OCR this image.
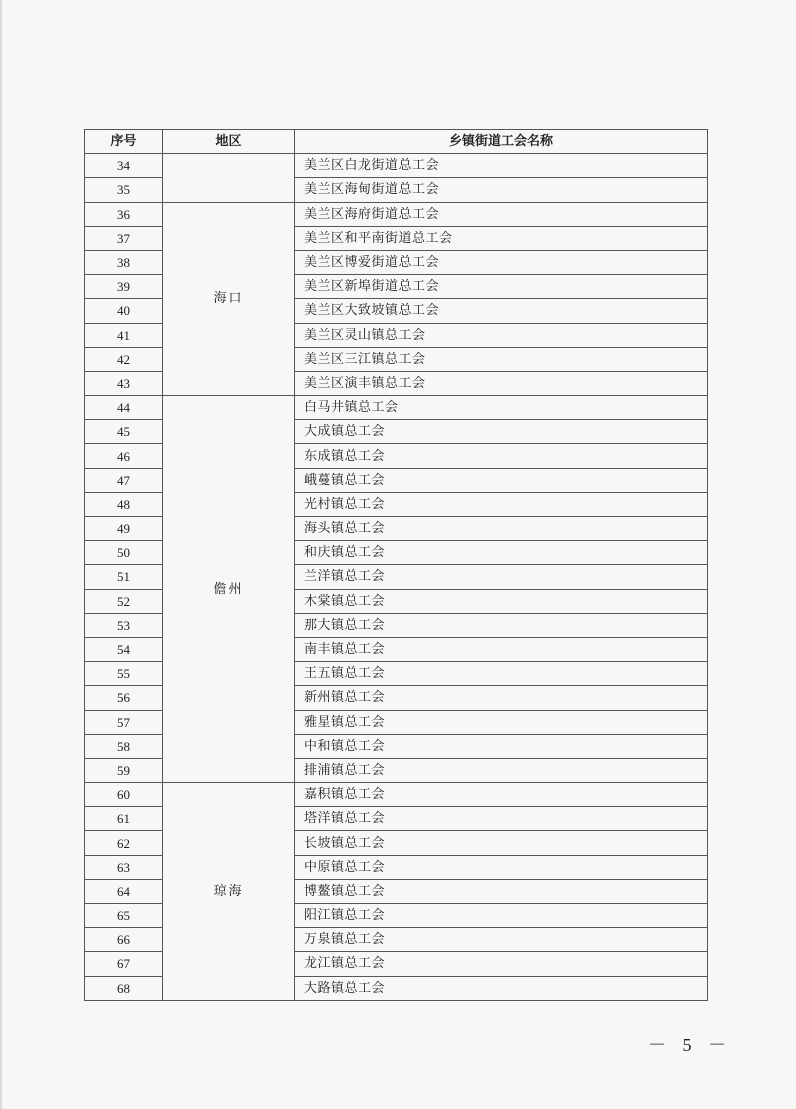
序号	地区	乡镇街道工会名称
34		美兰区白龙街道总工会
35		美兰区海甸街道总工会
36	海口	美兰区海府街道总工会
37		美兰区和平南街道总工会
38		美兰区博爱街道总工会
39		美兰区新埠街道总工会
40		美兰区大致坡镇总工会
41		美兰区灵山镇总工会
42		美兰区三江镇总工会
43		美兰区演丰镇总工会
44	儋州	白马井镇总工会
45		大成镇总工会
46		东成镇总工会
47		峨蔓镇总工会
48		光村镇总工会
49		海头镇总工会
50		和庆镇总工会
51		兰洋镇总工会
52		木棠镇总工会
53		那大镇总工会
54		南丰镇总工会
55		王五镇总工会
56		新州镇总工会
57		雅星镇总工会
58		中和镇总工会
59		排浦镇总工会
60	琼海	嘉积镇总工会
61		塔洋镇总工会
62		长坡镇总工会
63		中原镇总工会
64		博鳌镇总工会
65		阳江镇总工会
66		万泉镇总工会
67		龙江镇总工会
68		大路镇总工会
－ 5 －
